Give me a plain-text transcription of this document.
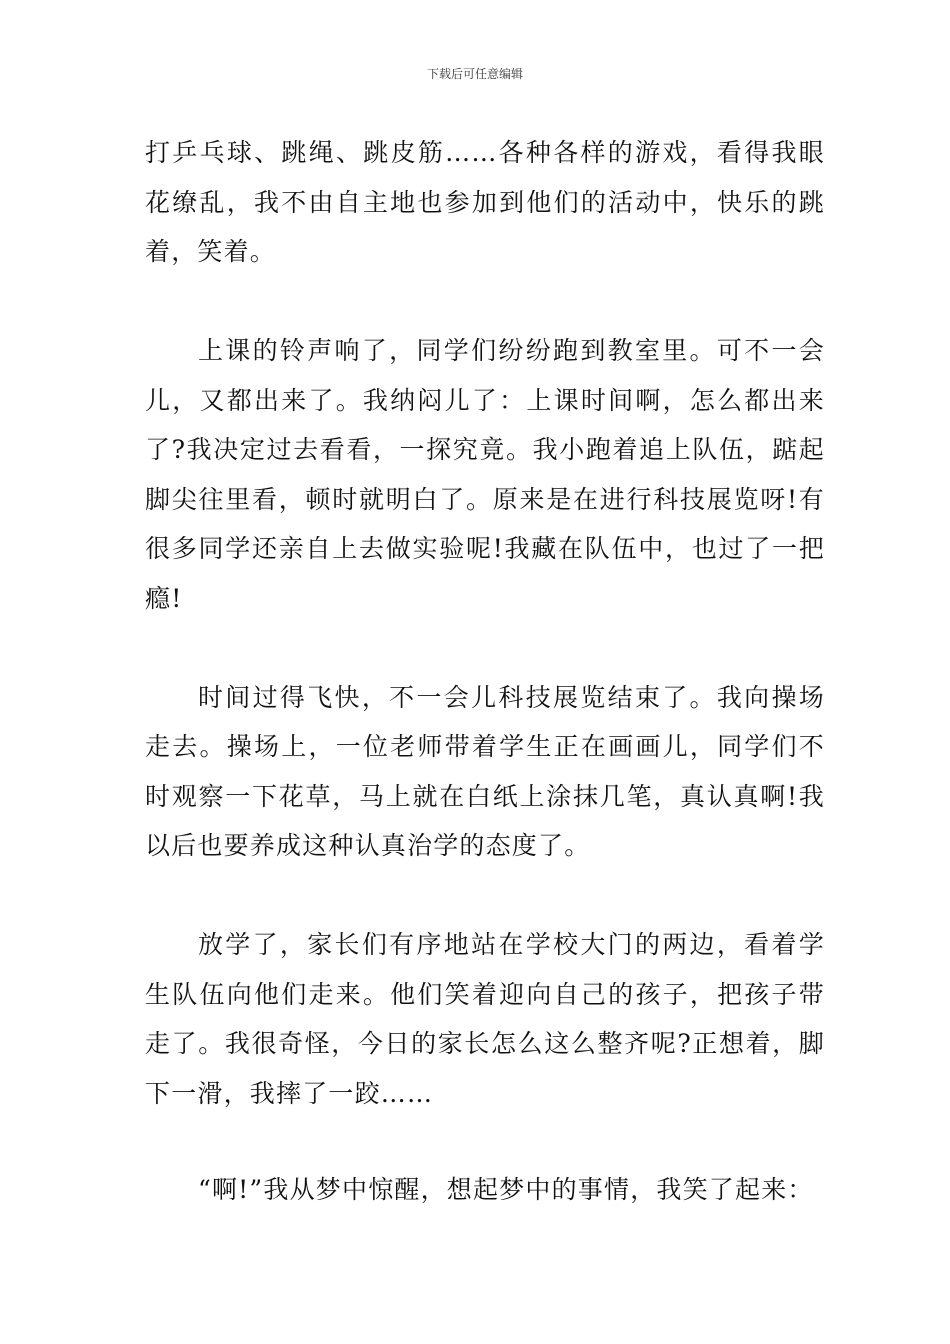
下载后可任意编辑

打乒乓球、跳绳、跳皮筋……各种各样的游戏，看得我眼花缭乱，我不由自主地也参加到他们的活动中，快乐的跳着，笑着。

上课的铃声响了，同学们纷纷跑到教室里。可不一会儿，又都出来了。我纳闷儿了：上课时间啊，怎么都出来了?我决定过去看看，一探究竟。我小跑着追上队伍，踮起脚尖往里看，顿时就明白了。原来是在进行科技展览呀!有很多同学还亲自上去做实验呢!我藏在队伍中，也过了一把瘾!

时间过得飞快，不一会儿科技展览结束了。我向操场走去。操场上，一位老师带着学生正在画画儿，同学们不时观察一下花草，马上就在白纸上涂抹几笔，真认真啊!我以后也要养成这种认真治学的态度了。

放学了，家长们有序地站在学校大门的两边，看着学生队伍向他们走来。他们笑着迎向自己的孩子，把孩子带走了。我很奇怪，今日的家长怎么这么整齐呢?正想着，脚下一滑，我摔了一跤……

“啊!”我从梦中惊醒，想起梦中的事情，我笑了起来：
